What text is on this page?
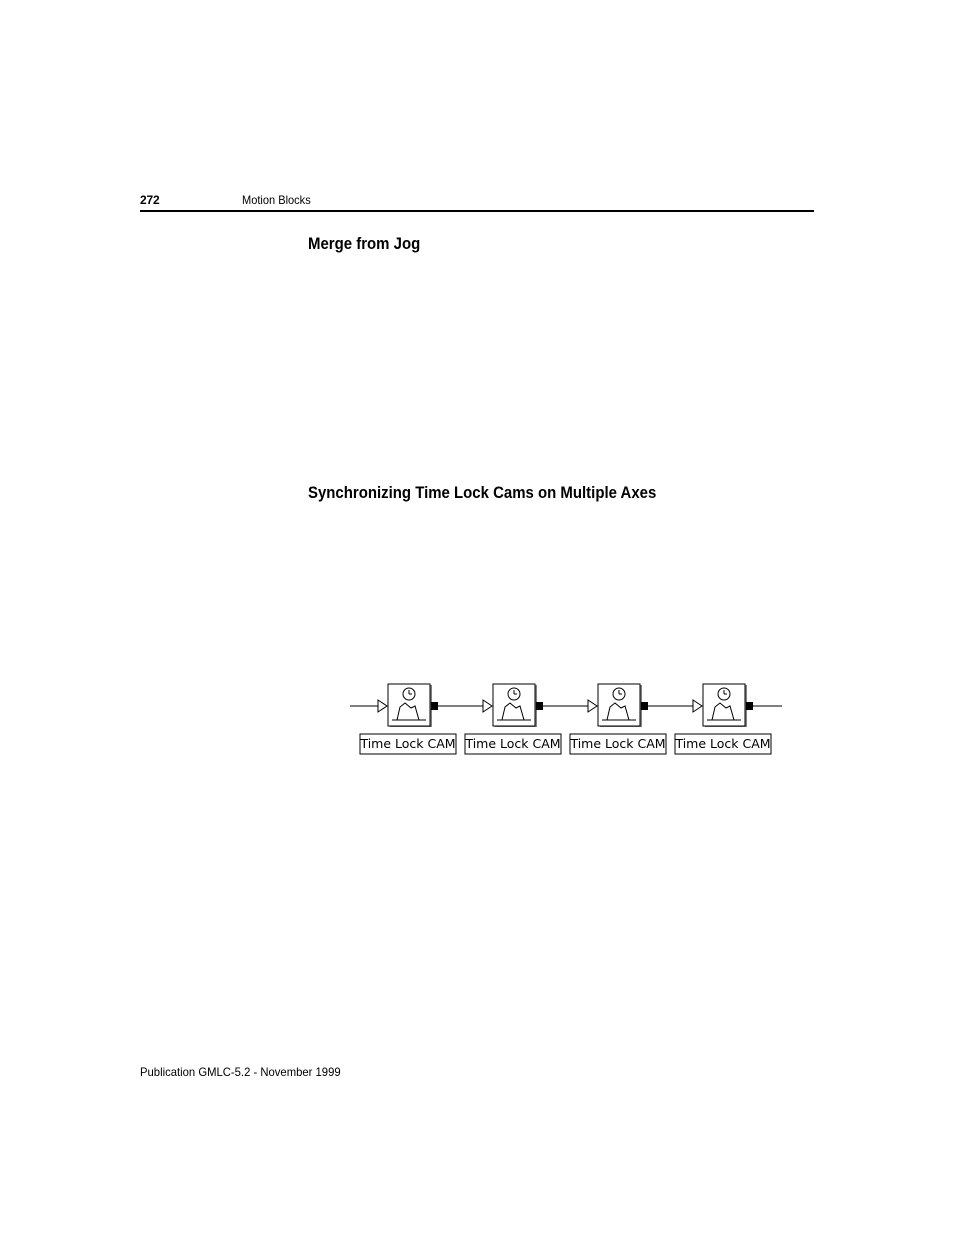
272	Motion Blocks
Merge from Jog
Synchronizing Time Lock Cams on Multiple Axes
Time Lock CAM Time Lock CAM Time Lock CAM Time Lock CAM
Publication GMLC-5.2 - November 1999
